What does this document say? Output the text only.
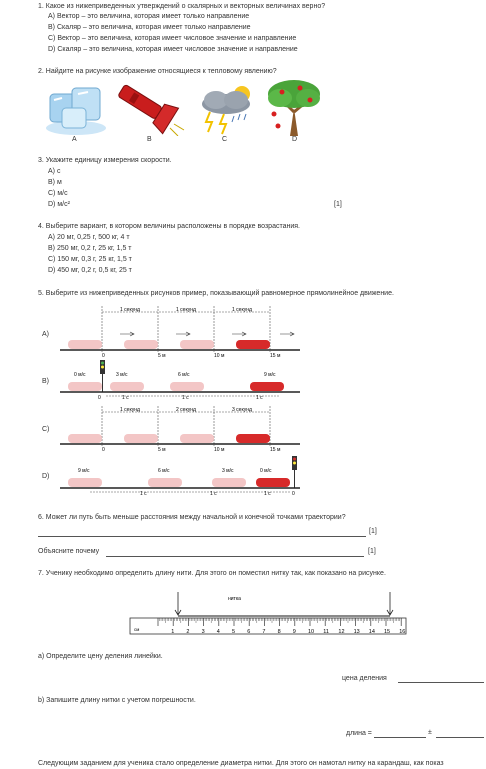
1. Какое из нижеприведенных утверждений о скалярных и векторных величинах верно?
A) Вектор – это величина, которая имеет только направление
B) Скаляр – это величина, которая имеет только направление
C) Вектор – это величина, которая имеет числовое значение и направление
D) Скаляр – это величина, которая имеет числовое значение и направление
2. Найдите на рисунке изображение относящиеся к тепловому явлению?
A	B	C	D
3. Укажите единицу измерения скорости.
A) с
B) м
C) м/с
D) м/с²	[1]
4. Выберите вариант, в котором величины расположены в порядке возрастания.
A) 20 мг, 0,25 г, 500 кг, 4 т
B) 250 мг, 0,2 г, 25 кг, 1,5 т
C) 150 мг, 0,3 г, 25 кг, 1,5 т
D) 450 мг, 0,2 г, 0,5 кг, 25 т
5. Выберите из нижеприведенных рисунков пример, показывающий равномерное прямолинейное движение.
A)
B)
C)
D)
1 секунд	1 секунд	1 секунд
0	5 м	10 м	15 м
0 м/с	3 м/с	6 м/с	9 м/с
0	1 с	1 с	1 с
1 секунд	2 секунд	3 секунд
0	5 м	10 м	15 м
9 м/с	6 м/с	3 м/с	0 м/с
1 с	1 с	1 с	0
6. Может ли путь быть меньше расстояния между начальной и конечной точками траектории?
[1]
Объясните почему	[1]
7. Ученику необходимо определить длину нити. Для этого он поместил нитку так, как показано на рисунке.
нитка
см	1 2 3 4 5 6 7 8 9 10 11 12 13 14 15 16
a) Определите цену деления линейки.
цена деления
b) Запишите длину нитки с учетом погрешности.
длина =	±
Следующим заданием для ученика стало определение диаметра нитки. Для этого он намотал нитку на карандаш, как показ
